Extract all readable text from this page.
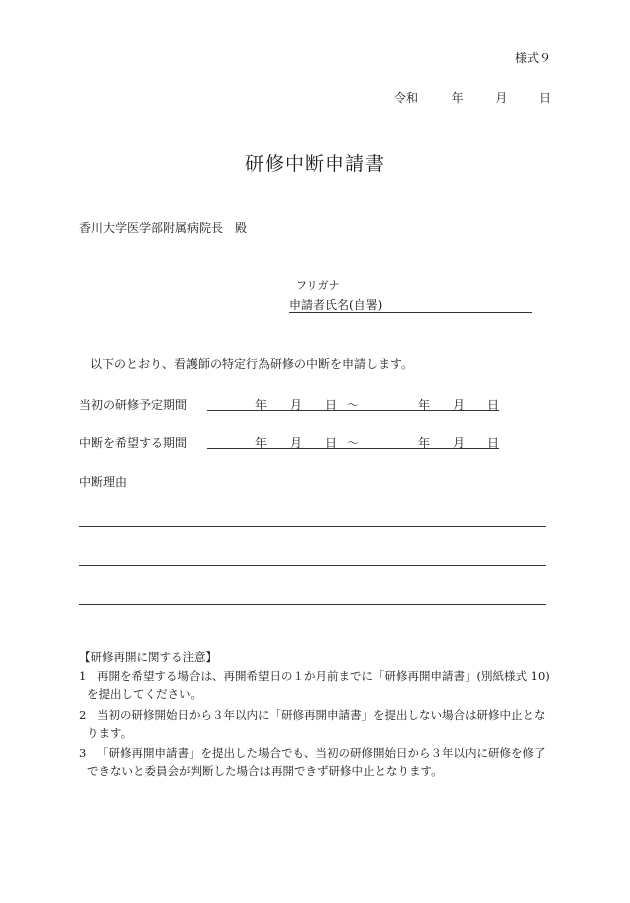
様式９
令和	年	月	日
研修中断申請書
香川大学医学部附属病院長　殿
フリガナ
申請者氏名(自署)
以下のとおり、看護師の特定行為研修の中断を申請します。
当初の研修予定期間	年 月 日 ～	年 月 日
中断を希望する期間	年 月 日 ～	年 月 日
中断理由
【研修再開に関する注意】
1 再開を希望する場合は、再開希望日の１か月前までに「研修再開申請書」(別紙様式 10)
を提出してください。
2 当初の研修開始日から３年以内に「研修再開申請書」を提出しない場合は研修中止とな
ります。
3 「研修再開申請書」を提出した場合でも、当初の研修開始日から３年以内に研修を修了
できないと委員会が判断した場合は再開できず研修中止となります。
